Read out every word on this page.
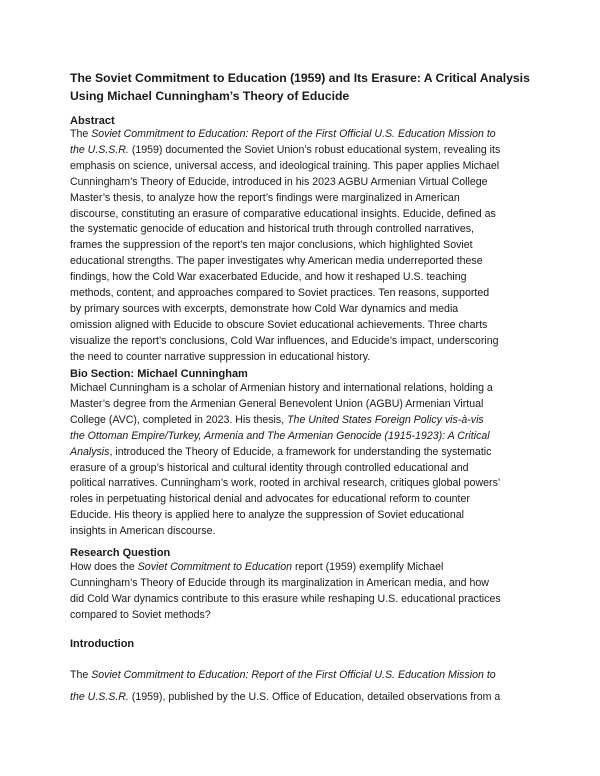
The Soviet Commitment to Education (1959) and Its Erasure: A Critical Analysis
Using Michael Cunningham’s Theory of Educide
Abstract
The Soviet Commitment to Education: Report of the First Official U.S. Education Mission to
the U.S.S.R. (1959) documented the Soviet Union’s robust educational system, revealing its
emphasis on science, universal access, and ideological training. This paper applies Michael
Cunningham’s Theory of Educide, introduced in his 2023 AGBU Armenian Virtual College
Master’s thesis, to analyze how the report’s findings were marginalized in American
discourse, constituting an erasure of comparative educational insights. Educide, defined as
the systematic genocide of education and historical truth through controlled narratives,
frames the suppression of the report’s ten major conclusions, which highlighted Soviet
educational strengths. The paper investigates why American media underreported these
findings, how the Cold War exacerbated Educide, and how it reshaped U.S. teaching
methods, content, and approaches compared to Soviet practices. Ten reasons, supported
by primary sources with excerpts, demonstrate how Cold War dynamics and media
omission aligned with Educide to obscure Soviet educational achievements. Three charts
visualize the report’s conclusions, Cold War influences, and Educide’s impact, underscoring
the need to counter narrative suppression in educational history.
Bio Section: Michael Cunningham
Michael Cunningham is a scholar of Armenian history and international relations, holding a
Master’s degree from the Armenian General Benevolent Union (AGBU) Armenian Virtual
College (AVC), completed in 2023. His thesis, The United States Foreign Policy vis-à-vis
the Ottoman Empire/Turkey, Armenia and The Armenian Genocide (1915-1923): A Critical
Analysis, introduced the Theory of Educide, a framework for understanding the systematic
erasure of a group’s historical and cultural identity through controlled educational and
political narratives. Cunningham’s work, rooted in archival research, critiques global powers’
roles in perpetuating historical denial and advocates for educational reform to counter
Educide. His theory is applied here to analyze the suppression of Soviet educational
insights in American discourse.
Research Question
How does the Soviet Commitment to Education report (1959) exemplify Michael
Cunningham’s Theory of Educide through its marginalization in American media, and how
did Cold War dynamics contribute to this erasure while reshaping U.S. educational practices
compared to Soviet methods?
Introduction
The Soviet Commitment to Education: Report of the First Official U.S. Education Mission to
the U.S.S.R. (1959), published by the U.S. Office of Education, detailed observations from a
